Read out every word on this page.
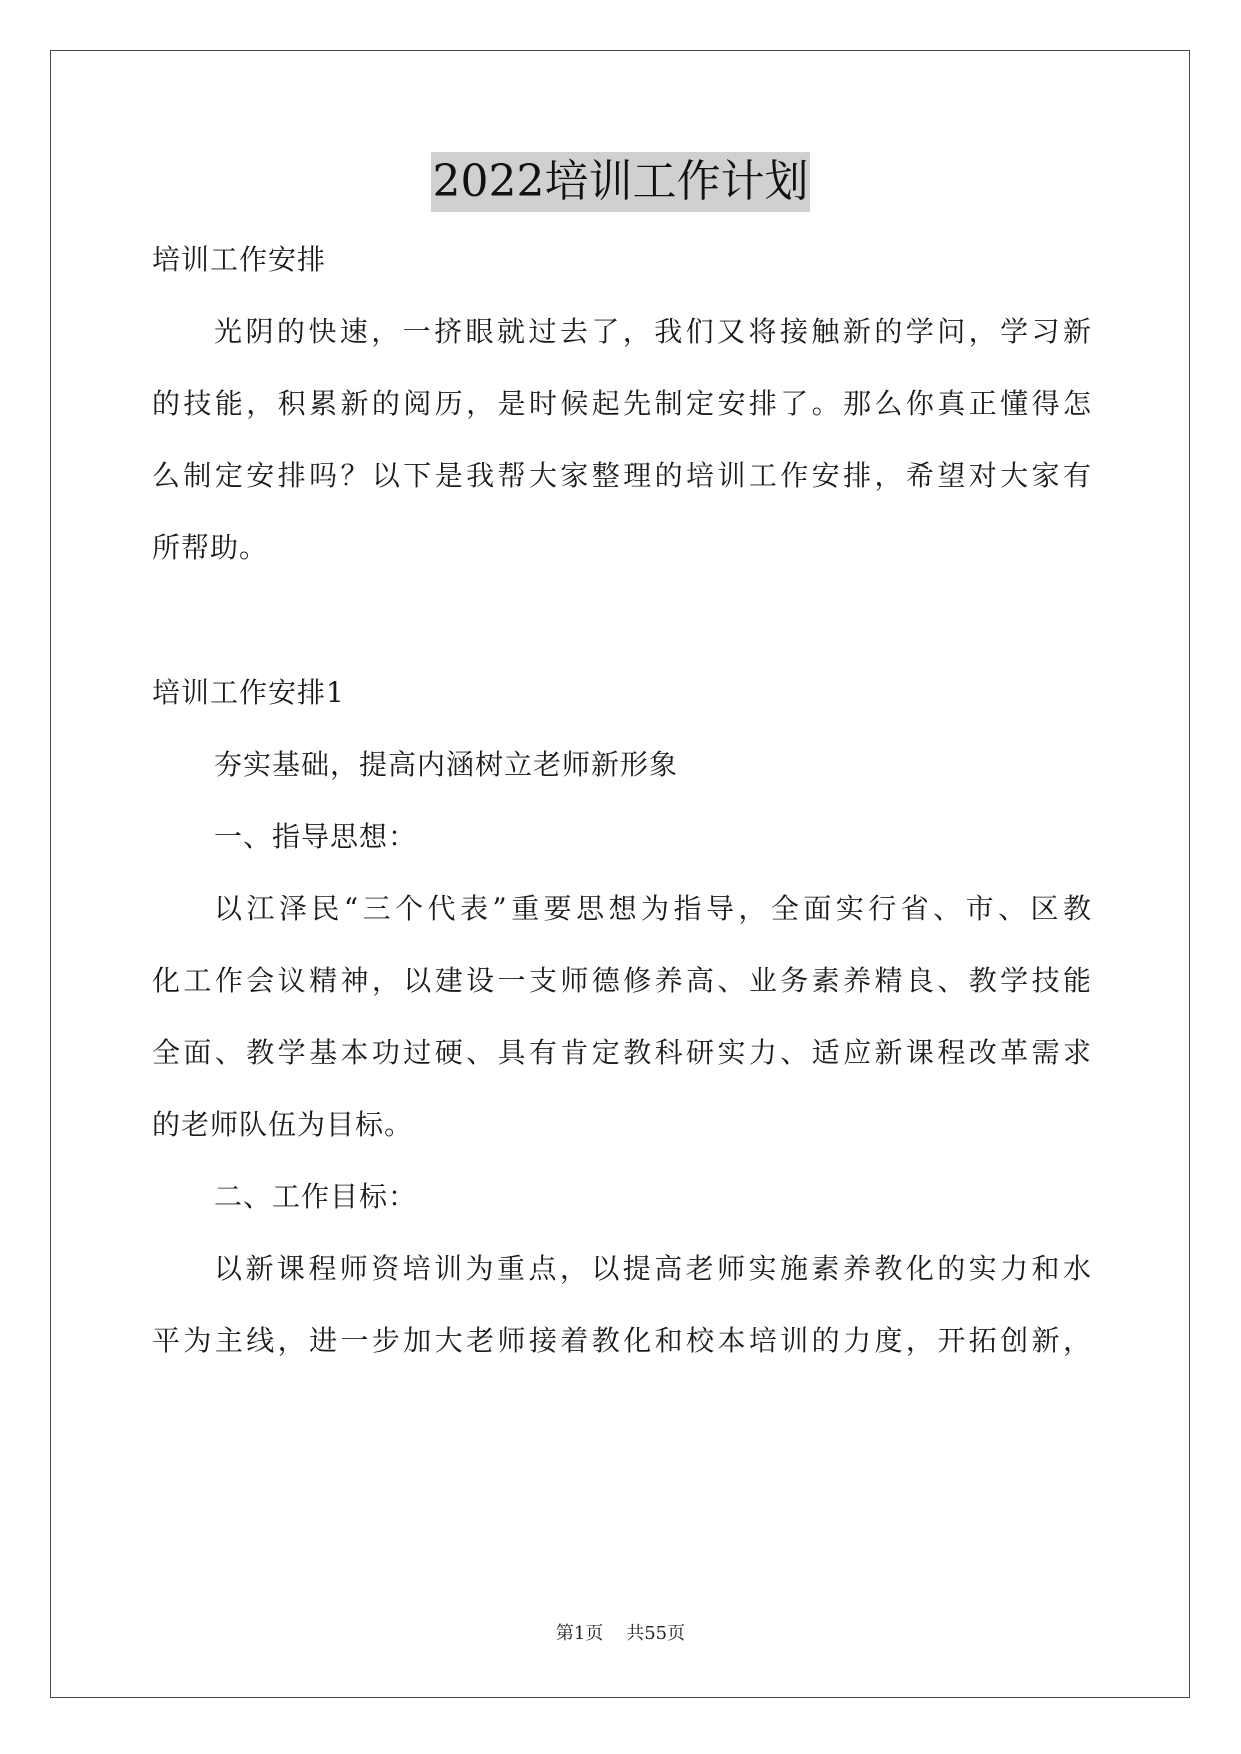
2022培训工作计划
培训工作安排
光阴的快速，一挤眼就过去了，我们又将接触新的学问，学习新
的技能，积累新的阅历，是时候起先制定安排了。那么你真正懂得怎
么制定安排吗？以下是我帮大家整理的培训工作安排，希望对大家有
所帮助。
培训工作安排1
夯实基础，提高内涵树立老师新形象
一、指导思想：
以江泽民“三个代表”重要思想为指导，全面实行省、市、区教
化工作会议精神，以建设一支师德修养高、业务素养精良、教学技能
全面、教学基本功过硬、具有肯定教科研实力、适应新课程改革需求
的老师队伍为目标。
二、工作目标：
以新课程师资培训为重点，以提高老师实施素养教化的实力和水
平为主线，进一步加大老师接着教化和校本培训的力度，开拓创新，
第1页 共55页
